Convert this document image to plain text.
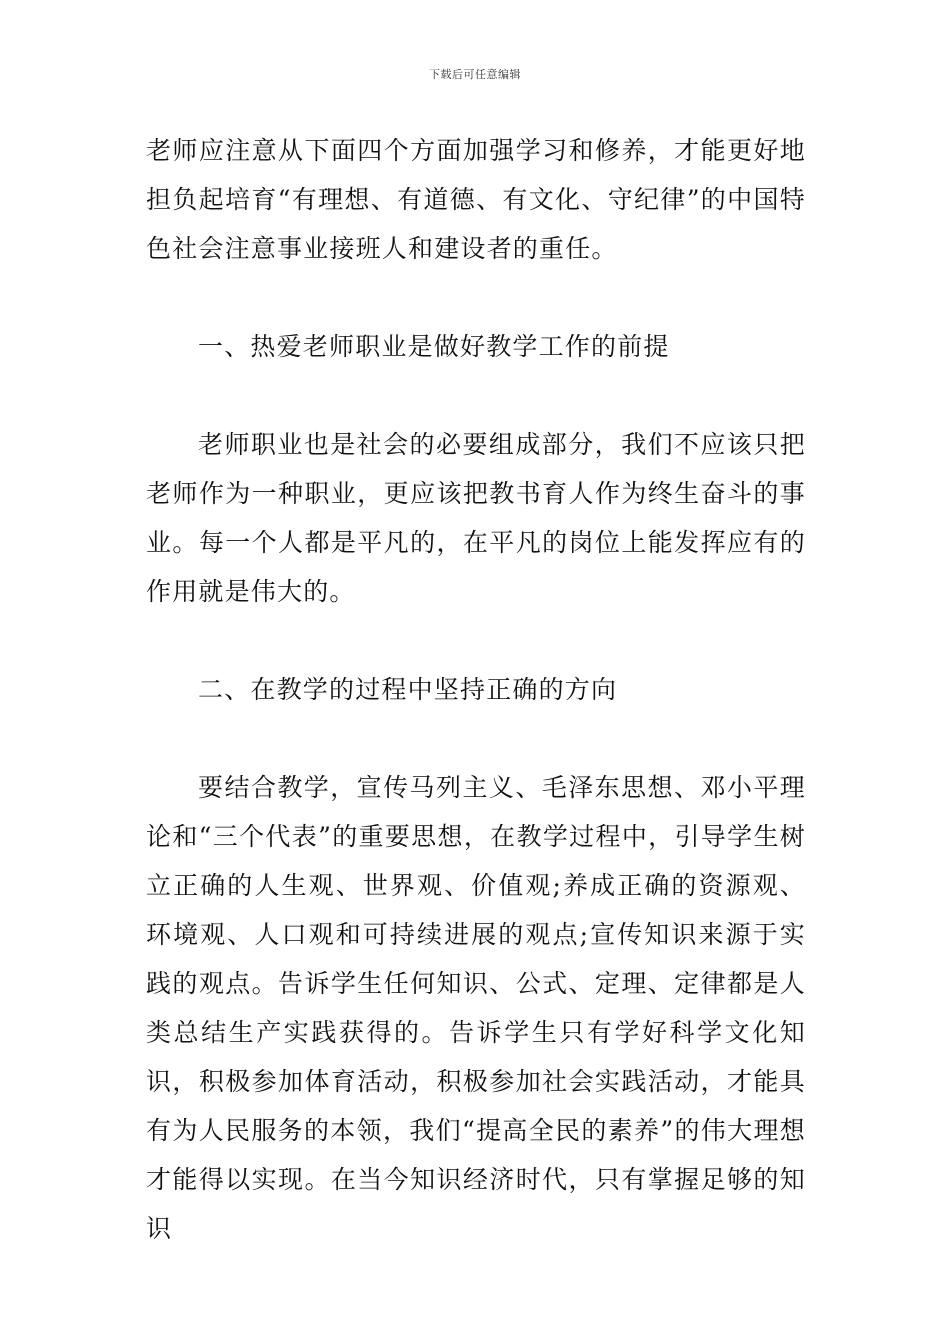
下载后可任意编辑

老师应注意从下面四个方面加强学习和修养，才能更好地担负起培育“有理想、有道德、有文化、守纪律”的中国特色社会注意事业接班人和建设者的重任。

一、热爱老师职业是做好教学工作的前提

老师职业也是社会的必要组成部分，我们不应该只把老师作为一种职业，更应该把教书育人作为终生奋斗的事业。每一个人都是平凡的，在平凡的岗位上能发挥应有的作用就是伟大的。

二、在教学的过程中坚持正确的方向

要结合教学，宣传马列主义、毛泽东思想、邓小平理论和“三个代表”的重要思想，在教学过程中，引导学生树立正确的人生观、世界观、价值观;养成正确的资源观、环境观、人口观和可持续进展的观点;宣传知识来源于实践的观点。告诉学生任何知识、公式、定理、定律都是人类总结生产实践获得的。告诉学生只有学好科学文化知识，积极参加体育活动，积极参加社会实践活动，才能具有为人民服务的本领，我们“提高全民的素养”的伟大理想才能得以实现。在当今知识经济时代，只有掌握足够的知识
